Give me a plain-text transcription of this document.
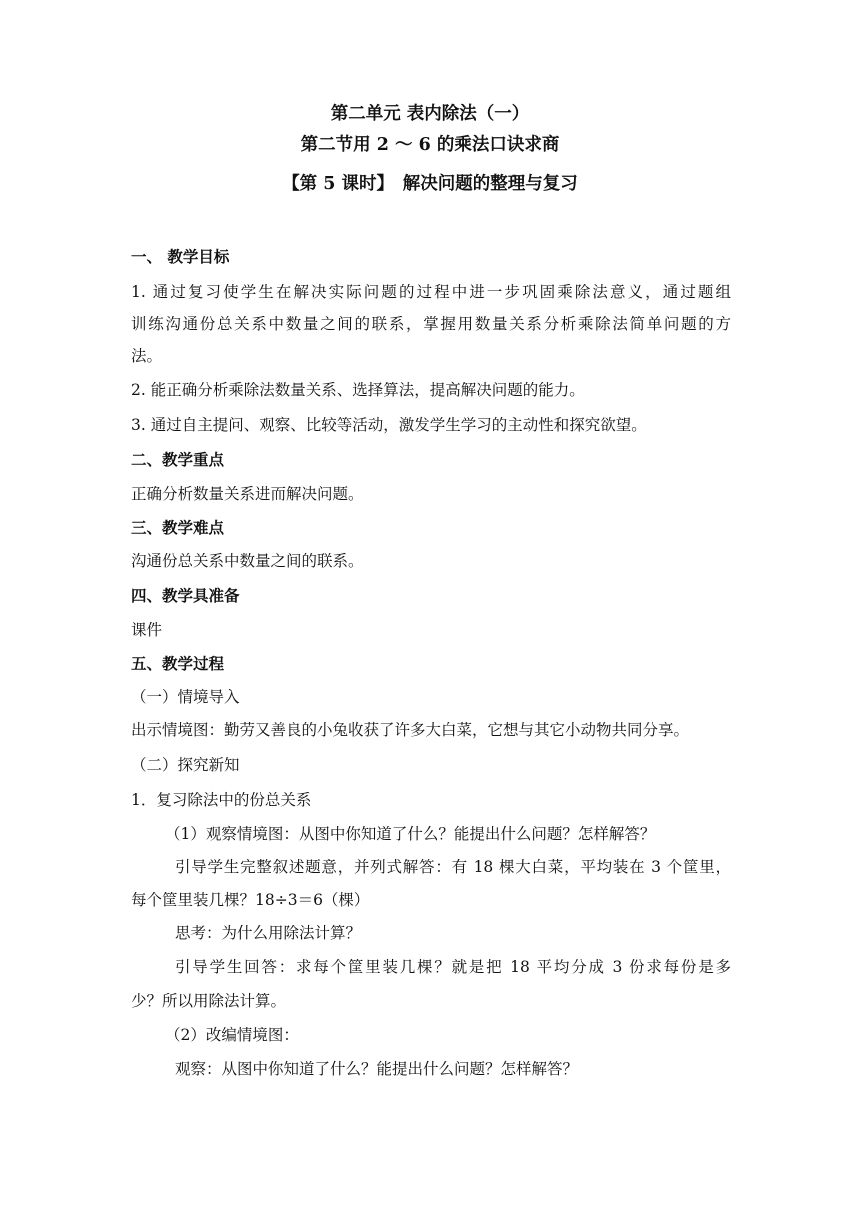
第二单元 表内除法（一）
第二节用 2 ～ 6 的乘法口诀求商
【第 5 课时】　解决问题的整理与复习
一、 教学目标
1. 通过复习使学生在解决实际问题的过程中进一步巩固乘除法意义，通过题组
训练沟通份总关系中数量之间的联系，掌握用数量关系分析乘除法简单问题的方
法。
2. 能正确分析乘除法数量关系、选择算法，提高解决问题的能力。
3. 通过自主提问、观察、比较等活动，激发学生学习的主动性和探究欲望。
二、教学重点
正确分析数量关系进而解决问题。
三、教学难点
沟通份总关系中数量之间的联系。
四、教学具准备
课件
五、教学过程
（一）情境导入
出示情境图：勤劳又善良的小兔收获了许多大白菜，它想与其它小动物共同分享。
（二）探究新知
1．复习除法中的份总关系
（1）观察情境图：从图中你知道了什么？能提出什么问题？怎样解答？
引导学生完整叙述题意，并列式解答：有 18 棵大白菜，平均装在 3 个筐里，
每个筐里装几棵？18÷3＝6（棵）
思考：为什么用除法计算？
引导学生回答：求每个筐里装几棵？就是把 18 平均分成 3 份求每份是多
少？所以用除法计算。
（2）改编情境图：
观察：从图中你知道了什么？能提出什么问题？怎样解答？
